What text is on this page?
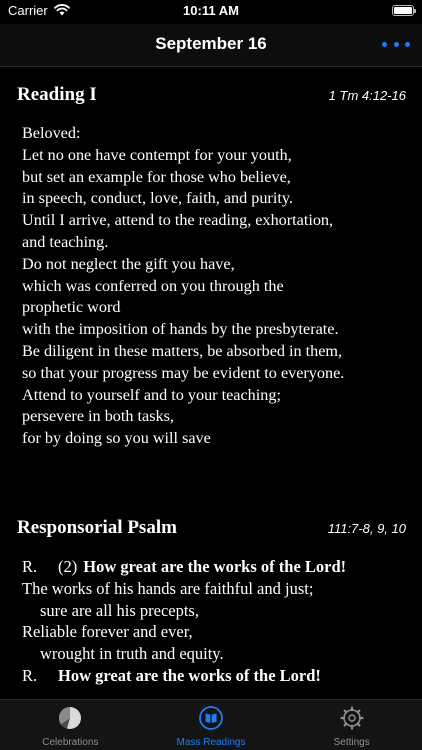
Carrier	10:11 AM
September 16
Reading I	1 Tm 4:12-16
Beloved:
Let no one have contempt for your youth,
but set an example for those who believe,
in speech, conduct, love, faith, and purity.
Until I arrive, attend to the reading, exhortation,
and teaching.
Do not neglect the gift you have,
which was conferred on you through the
prophetic word
with the imposition of hands by the presbyterate.
Be diligent in these matters, be absorbed in them,
so that your progress may be evident to everyone.
Attend to yourself and to your teaching;
persevere in both tasks,
for by doing so you will save
Responsorial Psalm	111:7-8, 9, 10

R. (2) How great are the works of the Lord!

The works of his hands are faithful and just;

sure are all his precepts,

Reliable forever and ever,

wrought in truth and equity.

R. How great are the works of the Lord!

Celebrations	Mass Readings	Settings
